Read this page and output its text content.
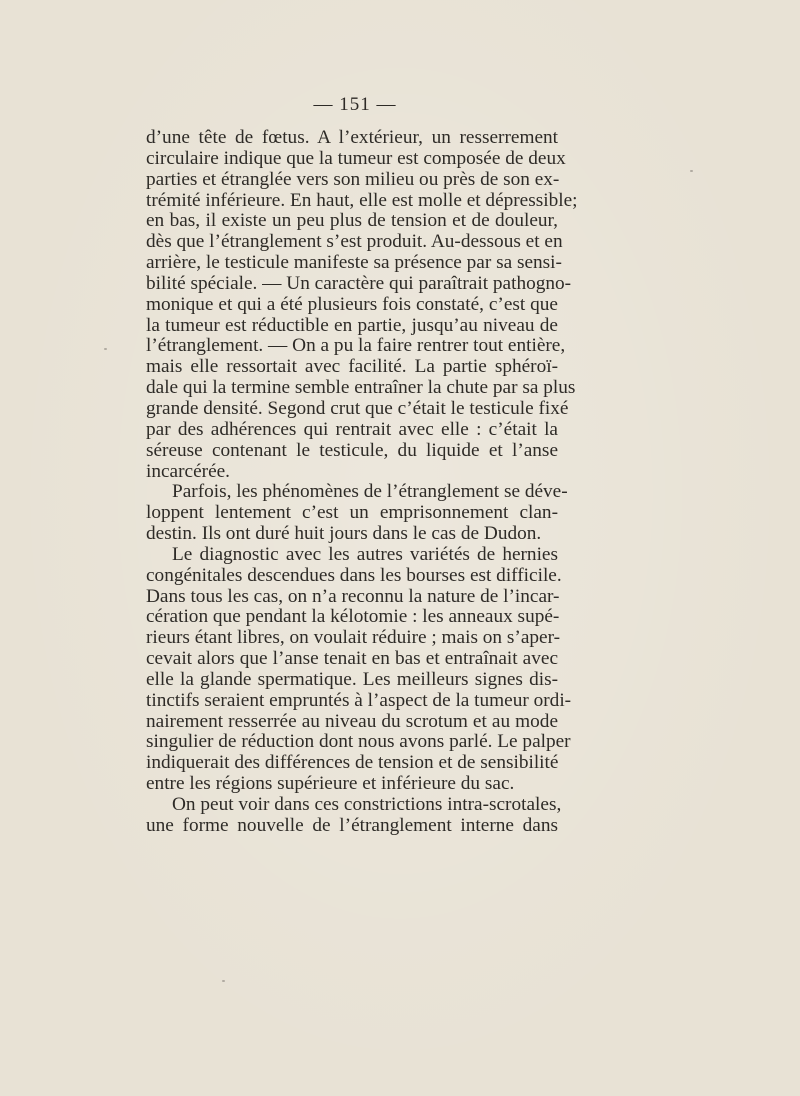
— 151 —
d’une tête de fœtus. A l’extérieur, un resserrement
circulaire indique que la tumeur est composée de deux
parties et étranglée vers son milieu ou près de son ex-
trémité inférieure. En haut, elle est molle et dépressible;
en bas, il existe un peu plus de tension et de douleur,
dès que l’étranglement s’est produit. Au-dessous et en
arrière, le testicule manifeste sa présence par sa sensi-
bilité spéciale. — Un caractère qui paraîtrait pathogno-
monique et qui a été plusieurs fois constaté, c’est que
la tumeur est réductible en partie, jusqu’au niveau de
l’étranglement. — On a pu la faire rentrer tout entière,
mais elle ressortait avec facilité. La partie sphéroï-
dale qui la termine semble entraîner la chute par sa plus
grande densité. Segond crut que c’était le testicule fixé
par des adhérences qui rentrait avec elle : c’était la
séreuse contenant le testicule, du liquide et l’anse
incarcérée.
Parfois, les phénomènes de l’étranglement se déve-
loppent lentement c’est un emprisonnement clan-
destin. Ils ont duré huit jours dans le cas de Dudon.
Le diagnostic avec les autres variétés de hernies
congénitales descendues dans les bourses est difficile.
Dans tous les cas, on n’a reconnu la nature de l’incar-
cération que pendant la kélotomie : les anneaux supé-
rieurs étant libres, on voulait réduire ; mais on s’aper-
cevait alors que l’anse tenait en bas et entraînait avec
elle la glande spermatique. Les meilleurs signes dis-
tinctifs seraient empruntés à l’aspect de la tumeur ordi-
nairement resserrée au niveau du scrotum et au mode
singulier de réduction dont nous avons parlé. Le palper
indiquerait des différences de tension et de sensibilité
entre les régions supérieure et inférieure du sac.
On peut voir dans ces constrictions intra-scrotales,
une forme nouvelle de l’étranglement interne dans
